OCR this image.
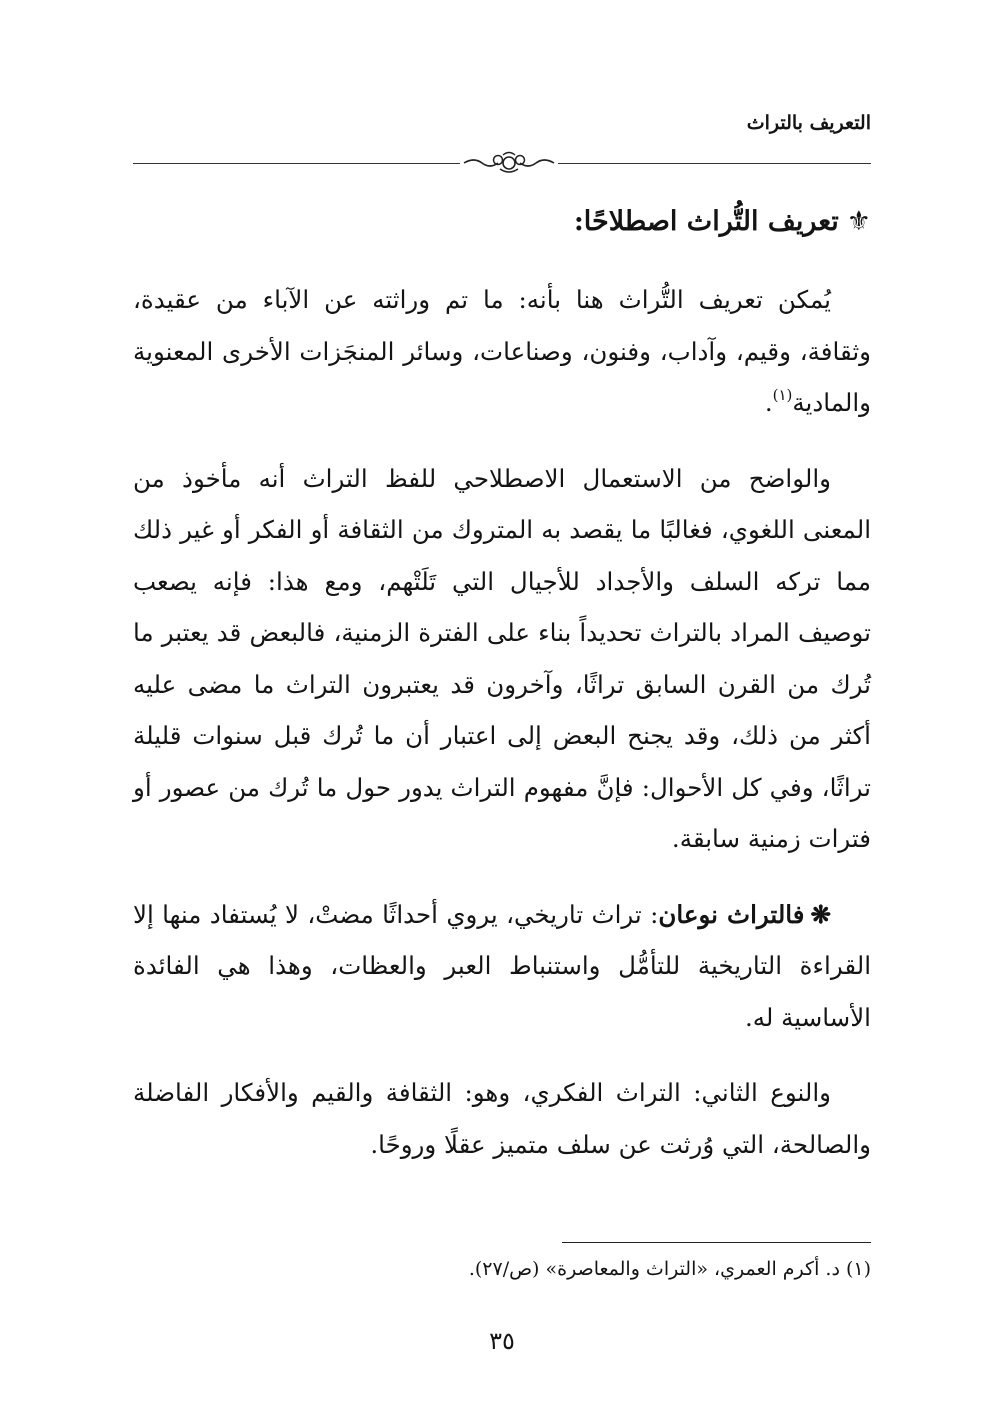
التعريف بالتراث
⚜تعريف التُّراث اصطلاحًا:

يُمكن تعريف التُّراث هنا بأنه: ما تم وراثته عن الآباء من عقيدة، وثقافة، وقيم، وآداب، وفنون، وصناعات، وسائر المنجَزات الأخرى المعنوية والمادية$^{(١)}$.

والواضح من الاستعمال الاصطلاحي للفظ التراث أنه مأخوذ من المعنى اللغوي، فغالبًا ما يقصد به المتروك من الثقافة أو الفكر أو غير ذلك مما تركه السلف والأجداد للأجيال التي تَلَتْهم، ومع هذا: فإنه يصعب توصيف المراد بالتراث تحديداً بناء على الفترة الزمنية، فالبعض قد يعتبر ما تُرك من القرن السابق تراثًا، وآخرون قد يعتبرون التراث ما مضى عليه أكثر من ذلك، وقد يجنح البعض إلى اعتبار أن ما تُرك قبل سنوات قليلة تراثًا، وفي كل الأحوال: فإنَّ مفهوم التراث يدور حول ما تُرك من عصور أو فترات زمنية سابقة.

❋فالتراث نوعان: تراث تاريخي، يروي أحداثًا مضتْ، لا يُستفاد منها إلا القراءة التاريخية للتأمُّل واستنباط العبر والعظات، وهذا هي الفائدة الأساسية له.

والنوع الثاني: التراث الفكري، وهو: الثقافة والقيم والأفكار الفاضلة والصالحة، التي وُرثت عن سلف متميز عقلًا وروحًا.

(١) د. أكرم العمري، «التراث والمعاصرة» (ص/٢٧).
٣٥
